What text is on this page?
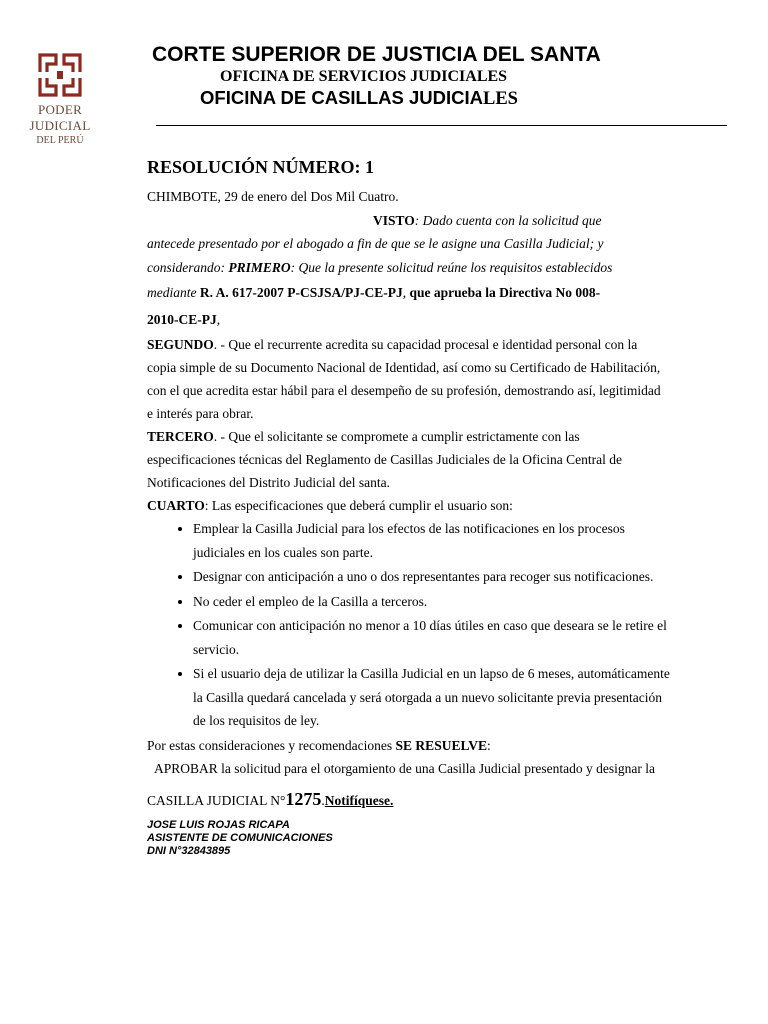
PODER JUDICIAL
DEL PERÚ
CORTE SUPERIOR DE JUSTICIA DEL SANTA
OFICINA DE SERVICIOS JUDICIALES
OFICINA DE CASILLAS JUDICIALES
RESOLUCIÓN NÚMERO: 1

CHIMBOTE, 29 de enero del Dos Mil Cuatro.

VISTO: Dado cuenta con la solicitud que

antecede presentado por el abogado a fin de que se le asigne una Casilla Judicial; y

considerando: PRIMERO: Que la presente solicitud reúne los requisitos establecidos

mediante R. A. 617-2007 P-CSJSA/PJ-CE-PJ, que aprueba la Directiva No 008-

2010-CE-PJ,

SEGUNDO. - Que el recurrente acredita su capacidad procesal e identidad personal con la
copia simple de su Documento Nacional de Identidad, así como su Certificado de Habilitación,
con el que acredita estar hábil para el desempeño de su profesión, demostrando así, legitimidad
e interés para obrar.

TERCERO. - Que el solicitante se compromete a cumplir estrictamente con las
especificaciones técnicas del Reglamento de Casillas Judiciales de la Oficina Central de
Notificaciones del Distrito Judicial del santa.

CUARTO: Las especificaciones que deberá cumplir el usuario son:

• Emplear la Casilla Judicial para los efectos de las notificaciones en los procesos
judiciales en los cuales son parte.
• Designar con anticipación a uno o dos representantes para recoger sus notificaciones.
• No ceder el empleo de la Casilla a terceros.
• Comunicar con anticipación no menor a 10 días útiles en caso que deseara se le retire el
servicio.
• Si el usuario deja de utilizar la Casilla Judicial en un lapso de 6 meses, automáticamente
la Casilla quedará cancelada y será otorgada a un nuevo solicitante previa presentación
de los requisitos de ley.

Por estas consideraciones y recomendaciones SE RESUELVE:

APROBAR la solicitud para el otorgamiento de una Casilla Judicial presentado y designar la

CASILLA JUDICIAL N°1275.Notifíquese.

JOSE LUIS ROJAS RICAPA
ASISTENTE DE COMUNICACIONES
DNI N°32843895
